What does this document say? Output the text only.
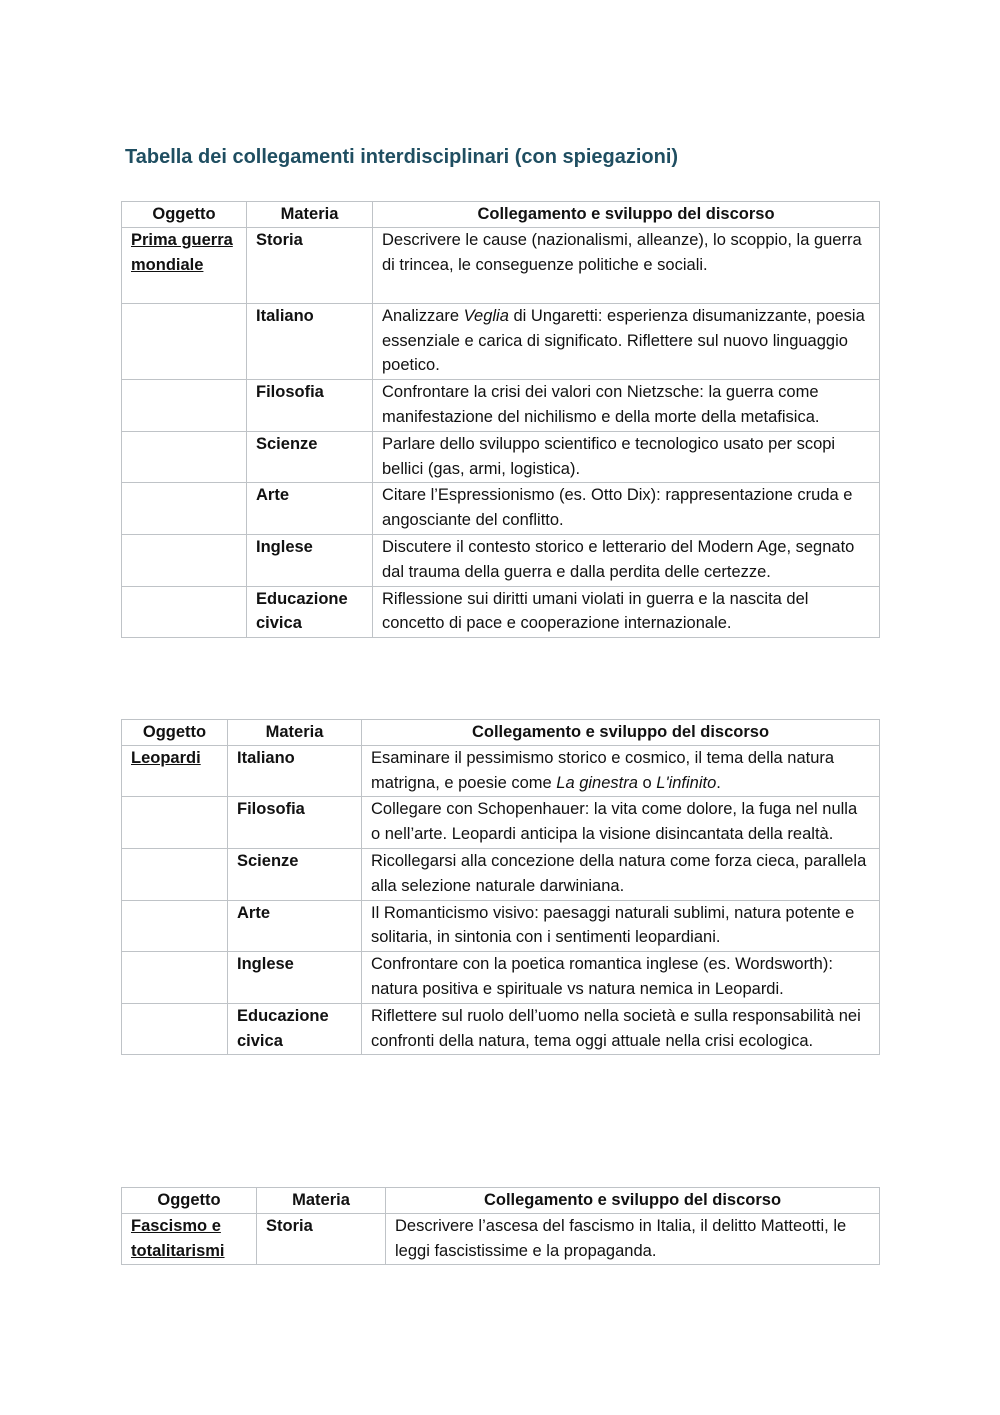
Tabella dei collegamenti interdisciplinari (con spiegazioni)
Oggetto	Materia	Collegamento e sviluppo del discorso
Prima guerra mondiale	Storia	Descrivere le cause (nazionalismi, alleanze), lo scoppio, la guerra di trincea, le conseguenze politiche e sociali.
	Italiano	Analizzare Veglia di Ungaretti: esperienza disumanizzante, poesia essenziale e carica di significato. Riflettere sul nuovo linguaggio poetico.
	Filosofia	Confrontare la crisi dei valori con Nietzsche: la guerra come manifestazione del nichilismo e della morte della metafisica.
	Scienze	Parlare dello sviluppo scientifico e tecnologico usato per scopi bellici (gas, armi, logistica).
	Arte	Citare l’Espressionismo (es. Otto Dix): rappresentazione cruda e angosciante del conflitto.
	Inglese	Discutere il contesto storico e letterario del Modern Age, segnato dal trauma della guerra e dalla perdita delle certezze.
	Educazione civica	Riflessione sui diritti umani violati in guerra e la nascita del concetto di pace e cooperazione internazionale.
Oggetto	Materia	Collegamento e sviluppo del discorso
Leopardi	Italiano	Esaminare il pessimismo storico e cosmico, il tema della natura matrigna, e poesie come La ginestra o L'infinito.
	Filosofia	Collegare con Schopenhauer: la vita come dolore, la fuga nel nulla o nell’arte. Leopardi anticipa la visione disincantata della realtà.
	Scienze	Ricollegarsi alla concezione della natura come forza cieca, parallela alla selezione naturale darwiniana.
	Arte	Il Romanticismo visivo: paesaggi naturali sublimi, natura potente e solitaria, in sintonia con i sentimenti leopardiani.
	Inglese	Confrontare con la poetica romantica inglese (es. Wordsworth): natura positiva e spirituale vs natura nemica in Leopardi.
	Educazione civica	Riflettere sul ruolo dell’uomo nella società e sulla responsabilità nei confronti della natura, tema oggi attuale nella crisi ecologica.
Oggetto	Materia	Collegamento e sviluppo del discorso
Fascismo e totalitarismi	Storia	Descrivere l’ascesa del fascismo in Italia, il delitto Matteotti, le leggi fascistissime e la propaganda.
